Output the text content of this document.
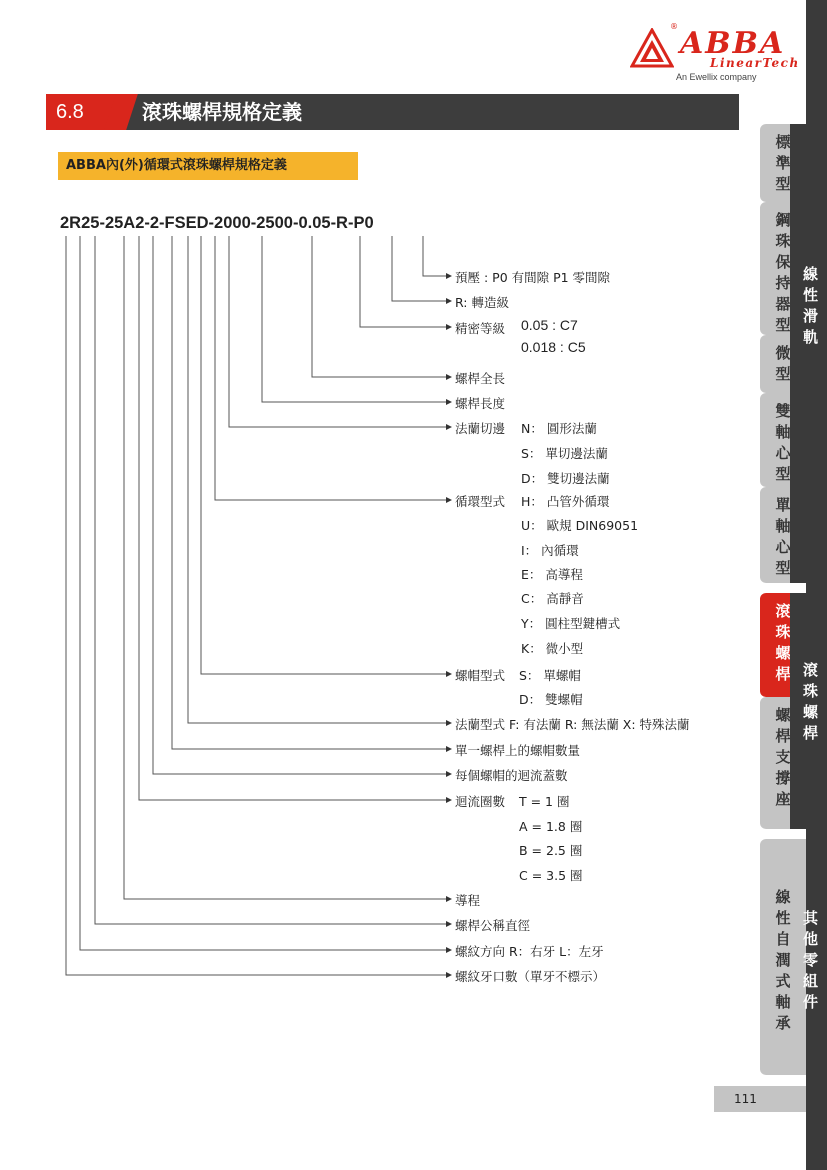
® ABBA
LinearTech
An Ewellix company
6.8	滾珠螺桿規格定義
ABBA內(外)循環式滾珠螺桿規格定義
2R25-25A2-2-FSED-2000-2500-0.05-R-P0
預壓 : P0 有間隙 P1 零間隙
R: 轉造級
精密等級 0.05 : C7
0.018 : C5
螺桿全長
螺桿長度
法蘭切邊 N： 圓形法蘭
S： 單切邊法蘭
D： 雙切邊法蘭
循環型式 H： 凸管外循環
U： 歐規 DIN69051
I： 內循環
E： 高導程
C： 高靜音
Y： 圓柱型鍵槽式
K： 微小型
螺帽型式 S： 單螺帽
D： 雙螺帽
法蘭型式 F: 有法蘭 R: 無法蘭 X: 特殊法蘭
單一螺桿上的螺帽數量
每個螺帽的迴流蓋數
迴流圈數 T = 1 圈
A = 1.8 圈
B = 2.5 圈
C = 3.5 圈
導程
螺桿公稱直徑
螺紋方向 R：右牙 L：左牙
螺紋牙口數（單牙不標示）
標準型
鋼珠保持器型
微型
雙軸心型
單軸心型
滾珠螺桿
螺桿支撐座
線性自潤式軸承
線性滑軌
滾珠螺桿
其他零組件
111
